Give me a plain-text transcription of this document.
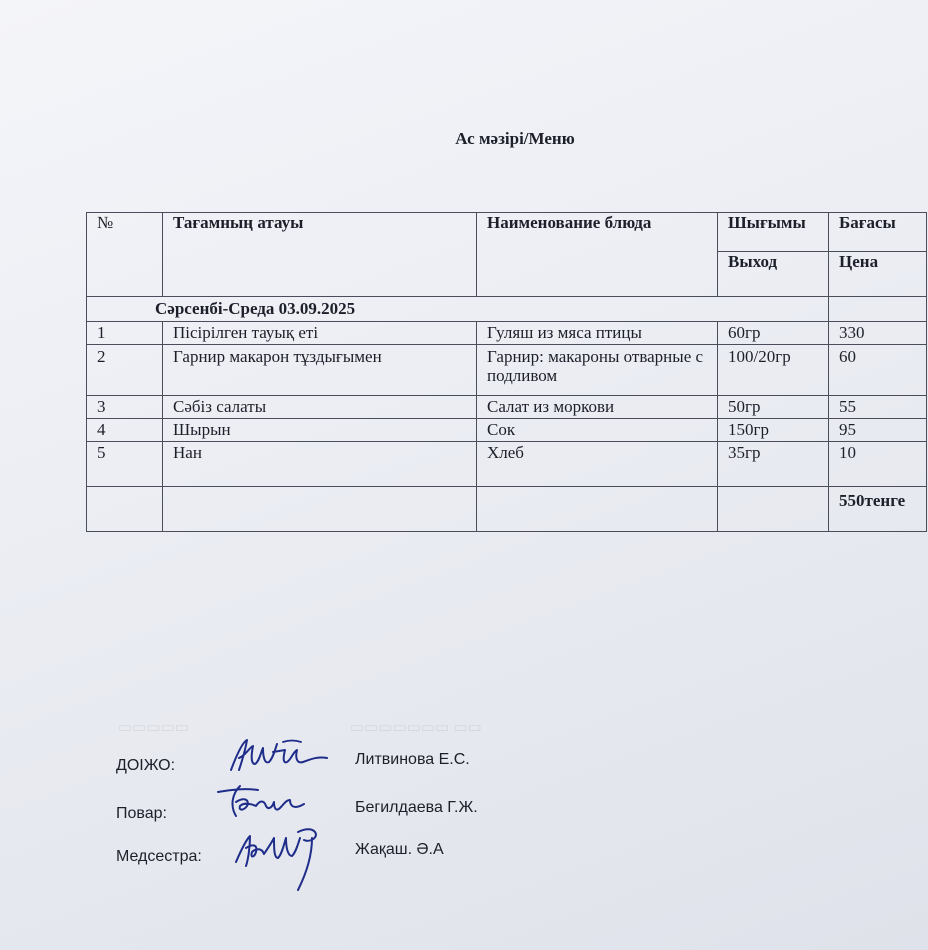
Ас мәзірі/Меню
№	Тағамның атауы	Наименование блюда	Шығымы	Бағасы
			Выход	Цена
Сәрсенбі-Среда 03.09.2025				
1	Пісірілген тауық еті	Гуляш из мяса птицы	60гр	330
2	Гарнир макарон тұздығымен	Гарнир: макароны отварные с подливом	100/20гр	60
3	Сәбіз салаты	Салат из моркови	50гр	55
4	Шырын	Сок	150гр	95
5	Нан	Хлеб	35гр	10
				550тенге
▭▭▭▭▭▭▭ ▭▭
▭▭▭▭▭
ДОІЖО:	Литвинова Е.С.
Повар:	Бегилдаева Г.Ж.
Медсестра:	Жақаш. Ә.А
